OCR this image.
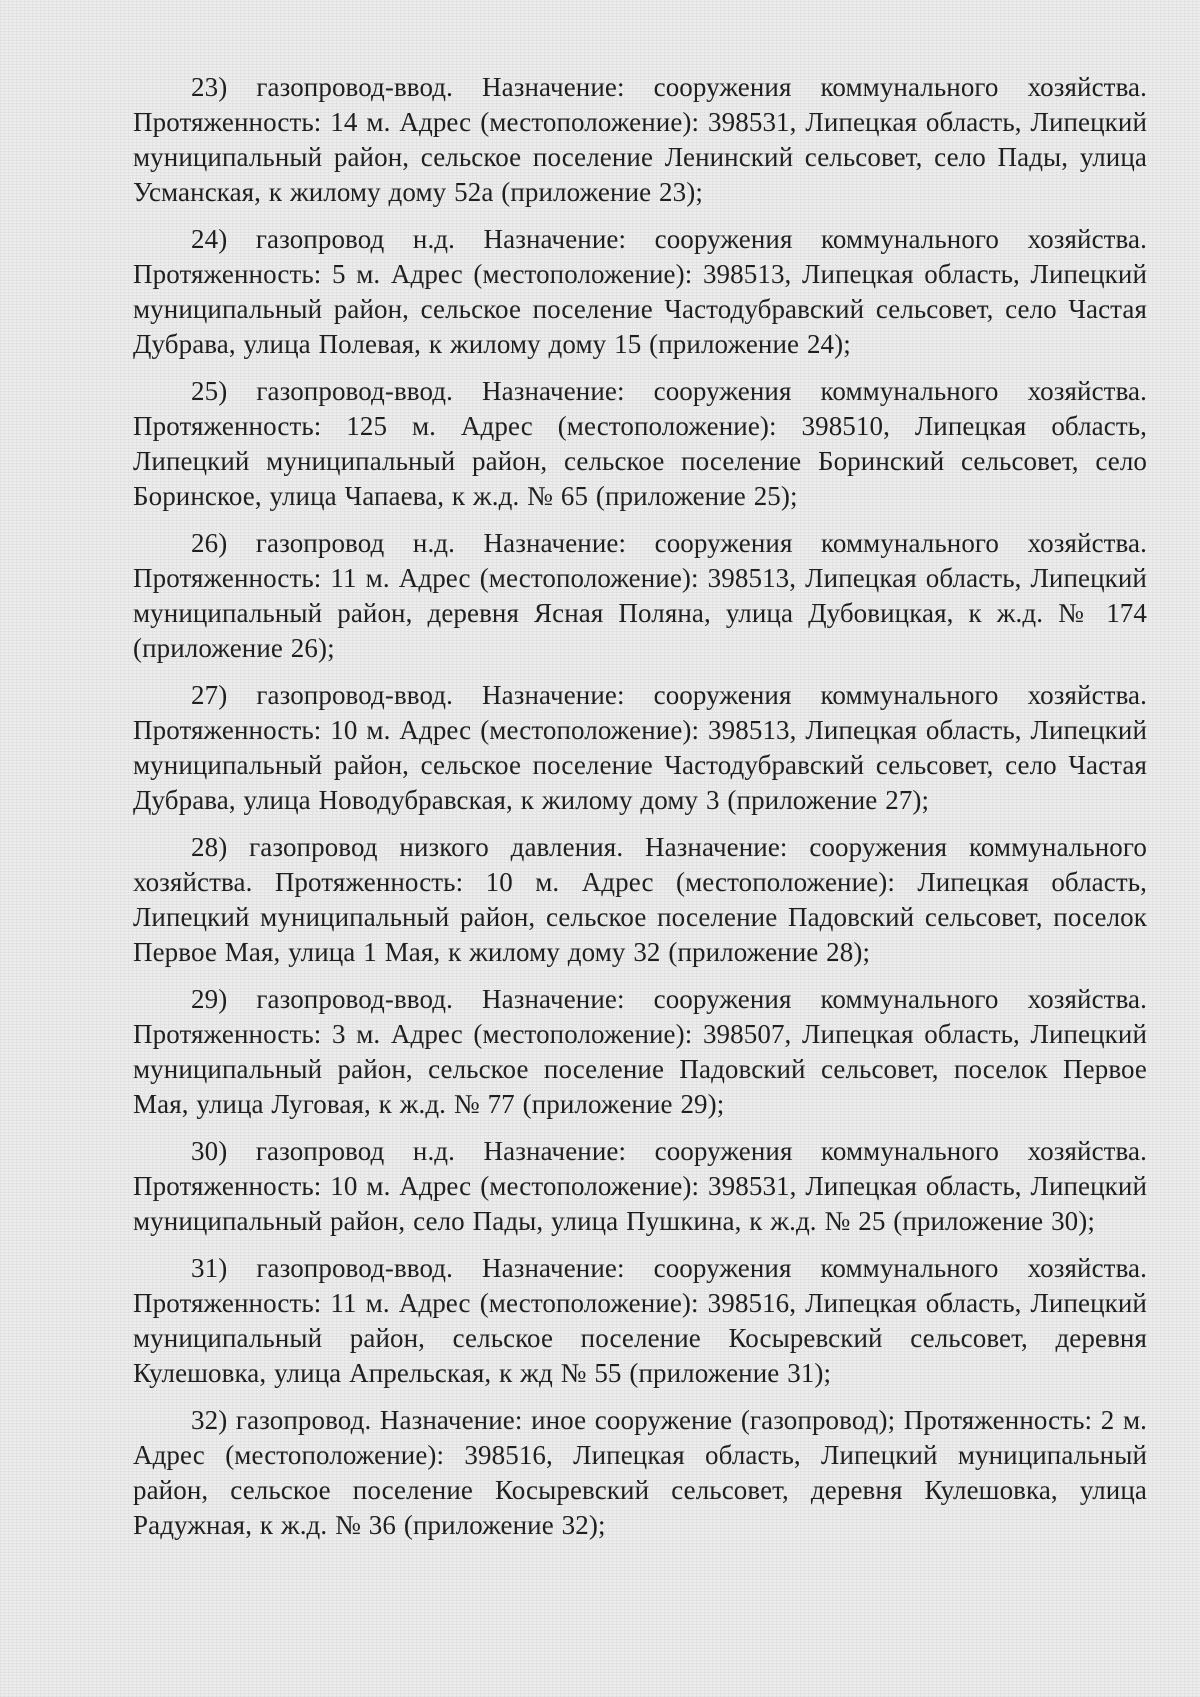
23) газопровод-ввод. Назначение: сооружения коммунального хозяйства. Протяженность: 14 м. Адрес (местоположение): 398531, Липецкая область, Липецкий муниципальный район, сельское поселение Ленинский сельсовет, село Пады, улица Усманская, к жилому дому 52а (приложение 23);

24) газопровод н.д. Назначение: сооружения коммунального хозяйства. Протяженность: 5 м. Адрес (местоположение): 398513, Липецкая область, Липецкий муниципальный район, сельское поселение Частодубравский сельсовет, село Частая Дубрава, улица Полевая, к жилому дому 15 (приложение 24);

25) газопровод-ввод. Назначение: сооружения коммунального хозяйства. Протяженность: 125 м. Адрес (местоположение): 398510, Липецкая область, Липецкий муниципальный район, сельское поселение Боринский сельсовет, село Боринское, улица Чапаева, к ж.д. № 65 (приложение 25);

26) газопровод н.д. Назначение: сооружения коммунального хозяйства. Протяженность: 11 м. Адрес (местоположение): 398513, Липецкая область, Липецкий муниципальный район, деревня Ясная Поляна, улица Дубовицкая, к ж.д. № 174 (приложение 26);

27) газопровод-ввод. Назначение: сооружения коммунального хозяйства. Протяженность: 10 м. Адрес (местоположение): 398513, Липецкая область, Липецкий муниципальный район, сельское поселение Частодубравский сельсовет, село Частая Дубрава, улица Новодубравская, к жилому дому 3 (приложение 27);

28) газопровод низкого давления. Назначение: сооружения коммунального хозяйства. Протяженность: 10 м. Адрес (местоположение): Липецкая область, Липецкий муниципальный район, сельское поселение Падовский сельсовет, поселок Первое Мая, улица 1 Мая, к жилому дому 32 (приложение 28);

29) газопровод-ввод. Назначение: сооружения коммунального хозяйства. Протяженность: 3 м. Адрес (местоположение): 398507, Липецкая область, Липецкий муниципальный район, сельское поселение Падовский сельсовет, поселок Первое Мая, улица Луговая, к ж.д. № 77 (приложение 29);

30) газопровод н.д. Назначение: сооружения коммунального хозяйства. Протяженность: 10 м. Адрес (местоположение): 398531, Липецкая область, Липецкий муниципальный район, село Пады, улица Пушкина, к ж.д. № 25 (приложение 30);

31) газопровод-ввод. Назначение: сооружения коммунального хозяйства. Протяженность: 11 м. Адрес (местоположение): 398516, Липецкая область, Липецкий муниципальный район, сельское поселение Косыревский сельсовет, деревня Кулешовка, улица Апрельская, к жд № 55 (приложение 31);

32) газопровод. Назначение: иное сооружение (газопровод); Протяженность: 2 м. Адрес (местоположение): 398516, Липецкая область, Липецкий муниципальный район, сельское поселение Косыревский сельсовет, деревня Кулешовка, улица Радужная, к ж.д. № 36 (приложение 32);
